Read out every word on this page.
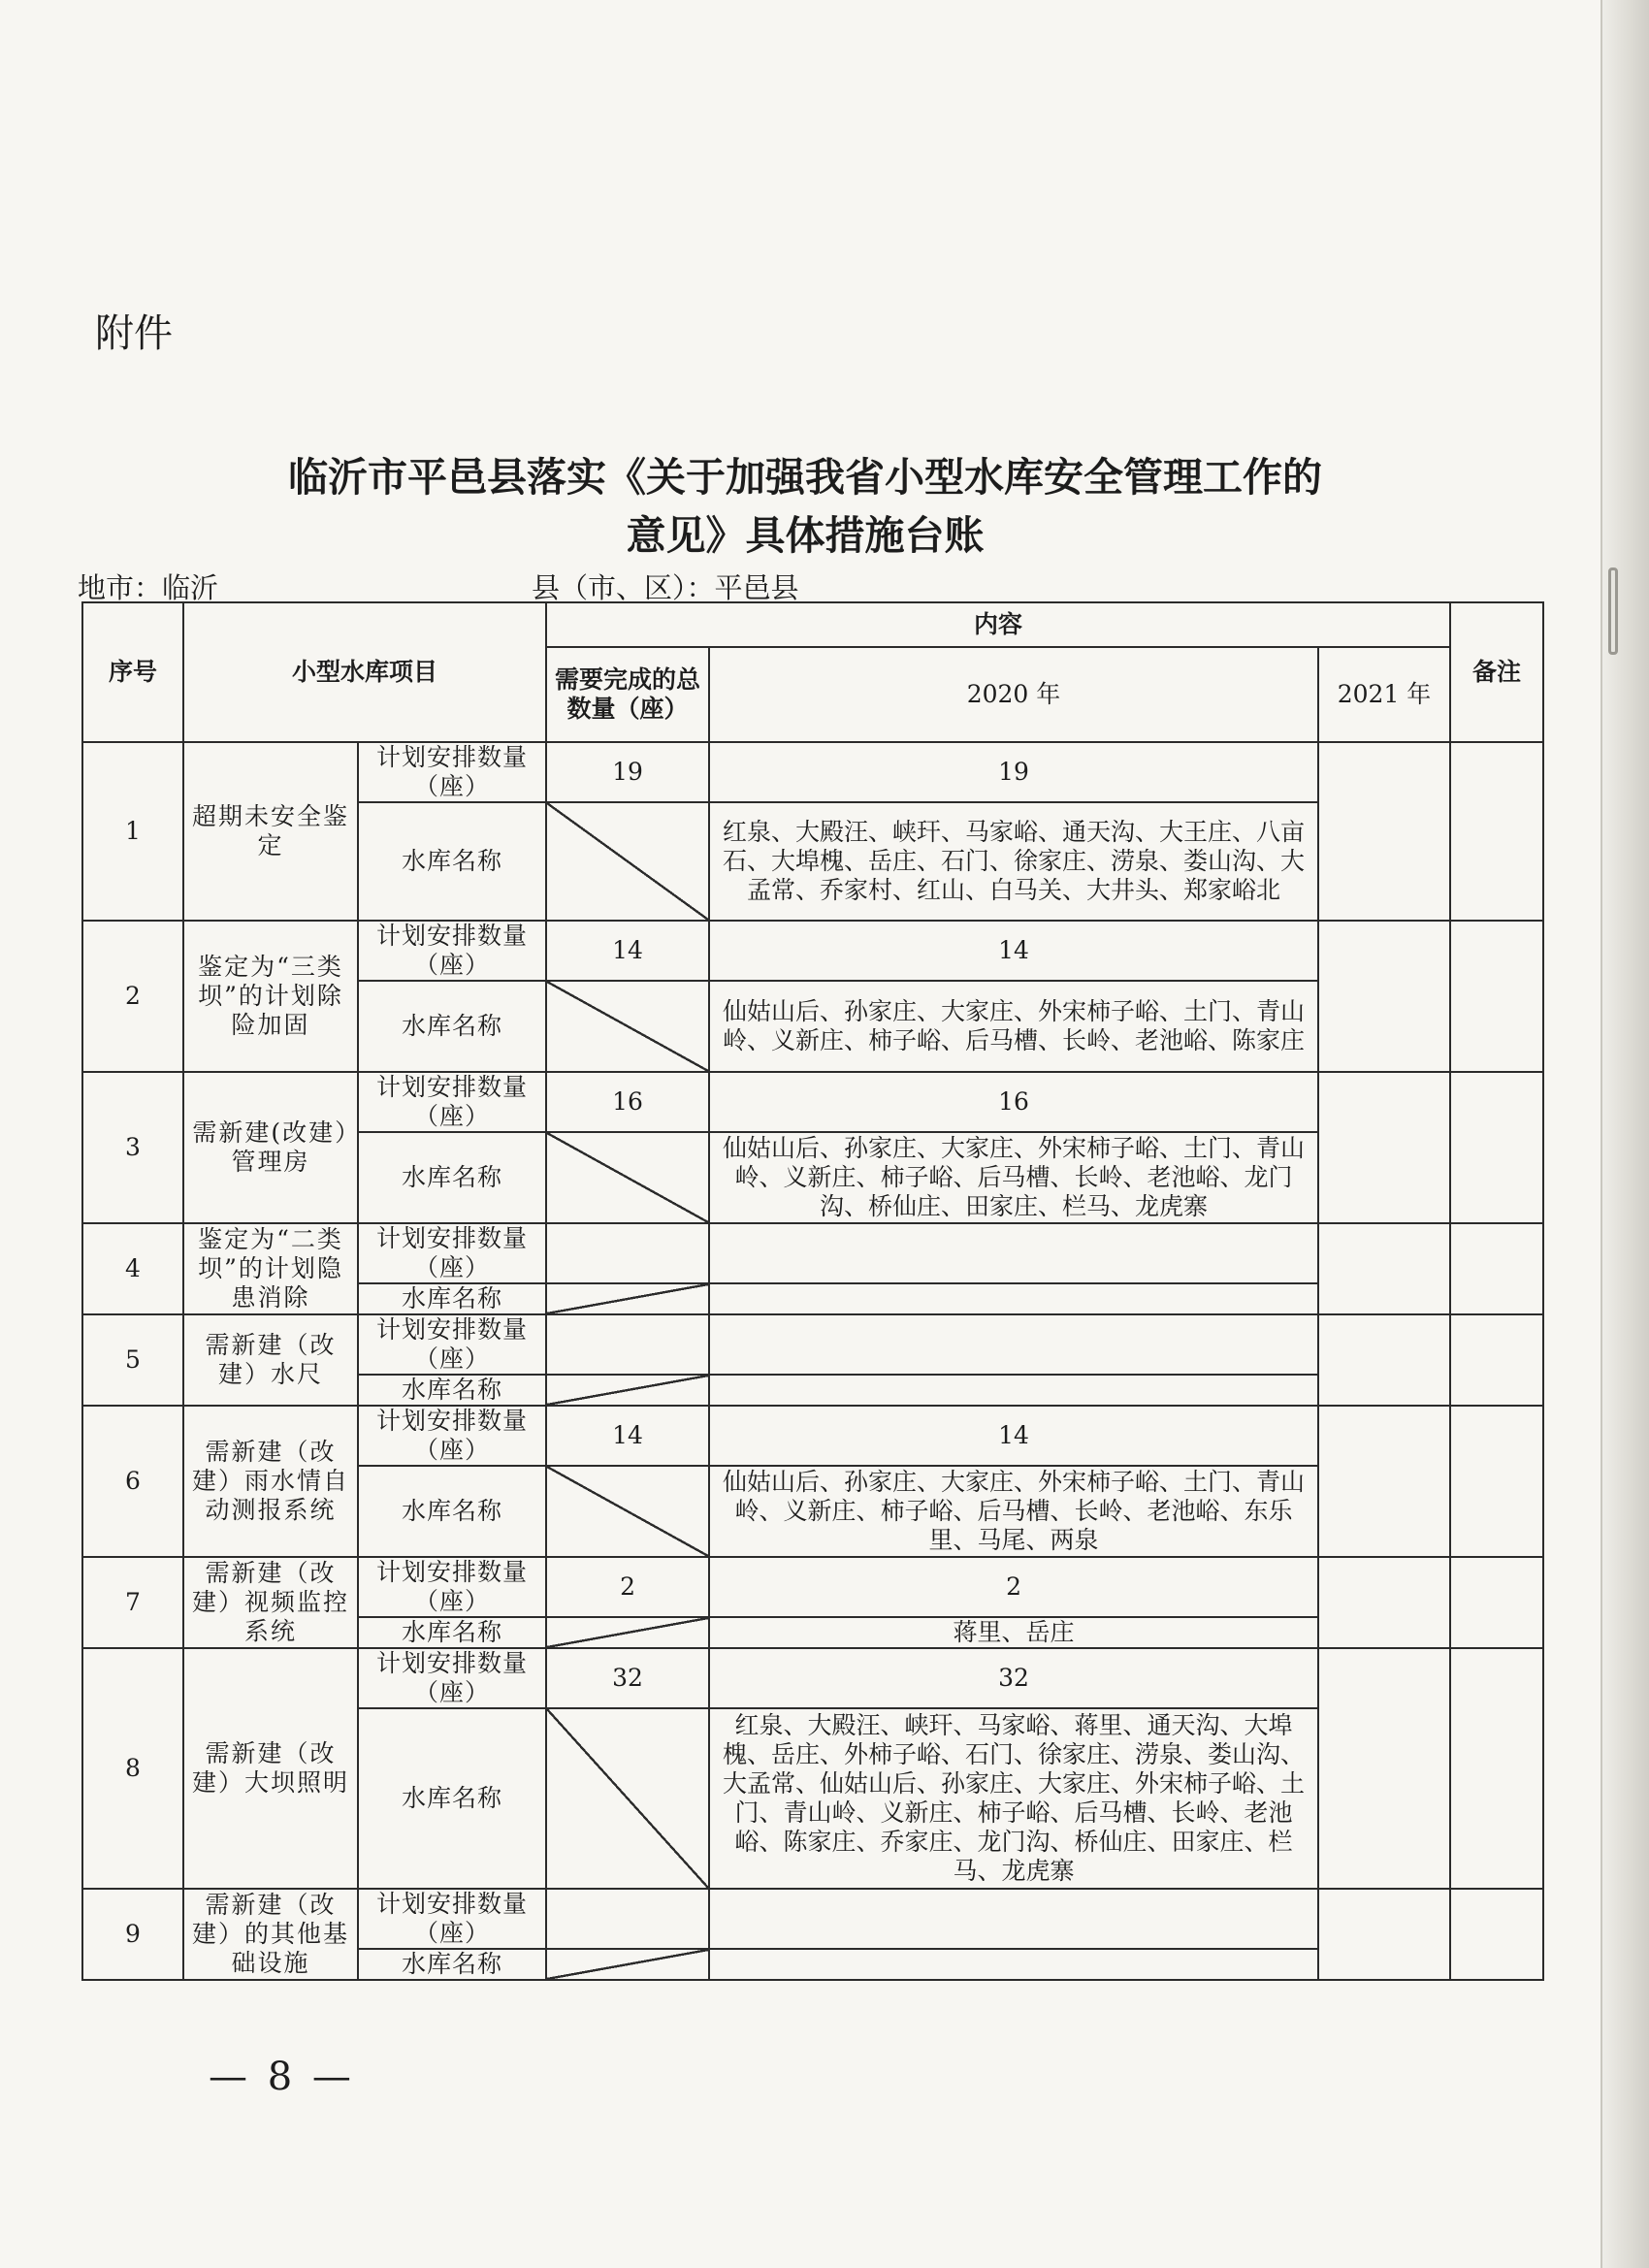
附件
临沂市平邑县落实《关于加强我省小型水库安全管理工作的
意见》具体措施台账
地市：临沂	县（市、区）：平邑县
序号	小型水库项目		内容			备注
			需要完成的总数量（座）	2020 年	2021 年	
1	超期未安全鉴定	计划安排数量（座）	19	19		
		水库名称		红泉、大殿汪、峡玕、马家峪、通天沟、大王庄、八亩石、大埠槐、岳庄、石门、徐家庄、涝泉、娄山沟、大孟常、乔家村、红山、白马关、大井头、郑家峪北		
2	鉴定为“三类坝”的计划除险加固	计划安排数量（座）	14	14		
		水库名称		仙姑山后、孙家庄、大家庄、外宋柿子峪、土门、青山岭、义新庄、柿子峪、后马槽、长岭、老池峪、陈家庄		
3	需新建(改建）管理房	计划安排数量（座）	16	16		
		水库名称		仙姑山后、孙家庄、大家庄、外宋柿子峪、土门、青山岭、义新庄、柿子峪、后马槽、长岭、老池峪、龙门沟、桥仙庄、田家庄、栏马、龙虎寨		
4	鉴定为“二类坝”的计划隐患消除	计划安排数量（座）				
		水库名称				
5	需新建（改建）水尺	计划安排数量（座）				
		水库名称				
6	需新建（改建）雨水情自动测报系统	计划安排数量（座）	14	14		
		水库名称		仙姑山后、孙家庄、大家庄、外宋柿子峪、土门、青山岭、义新庄、柿子峪、后马槽、长岭、老池峪、东乐里、马尾、两泉		
7	需新建（改建）视频监控系统	计划安排数量（座）	2	2		
		水库名称		蒋里、岳庄		
8	需新建（改建）大坝照明	计划安排数量（座）	32	32		
		水库名称		红泉、大殿汪、峡玕、马家峪、蒋里、通天沟、大埠槐、岳庄、外柿子峪、石门、徐家庄、涝泉、娄山沟、大孟常、仙姑山后、孙家庄、大家庄、外宋柿子峪、土门、青山岭、义新庄、柿子峪、后马槽、长岭、老池峪、陈家庄、乔家庄、龙门沟、桥仙庄、田家庄、栏马、龙虎寨		
9	需新建（改建）的其他基础设施	计划安排数量（座）				
		水库名称				
— 8 —
